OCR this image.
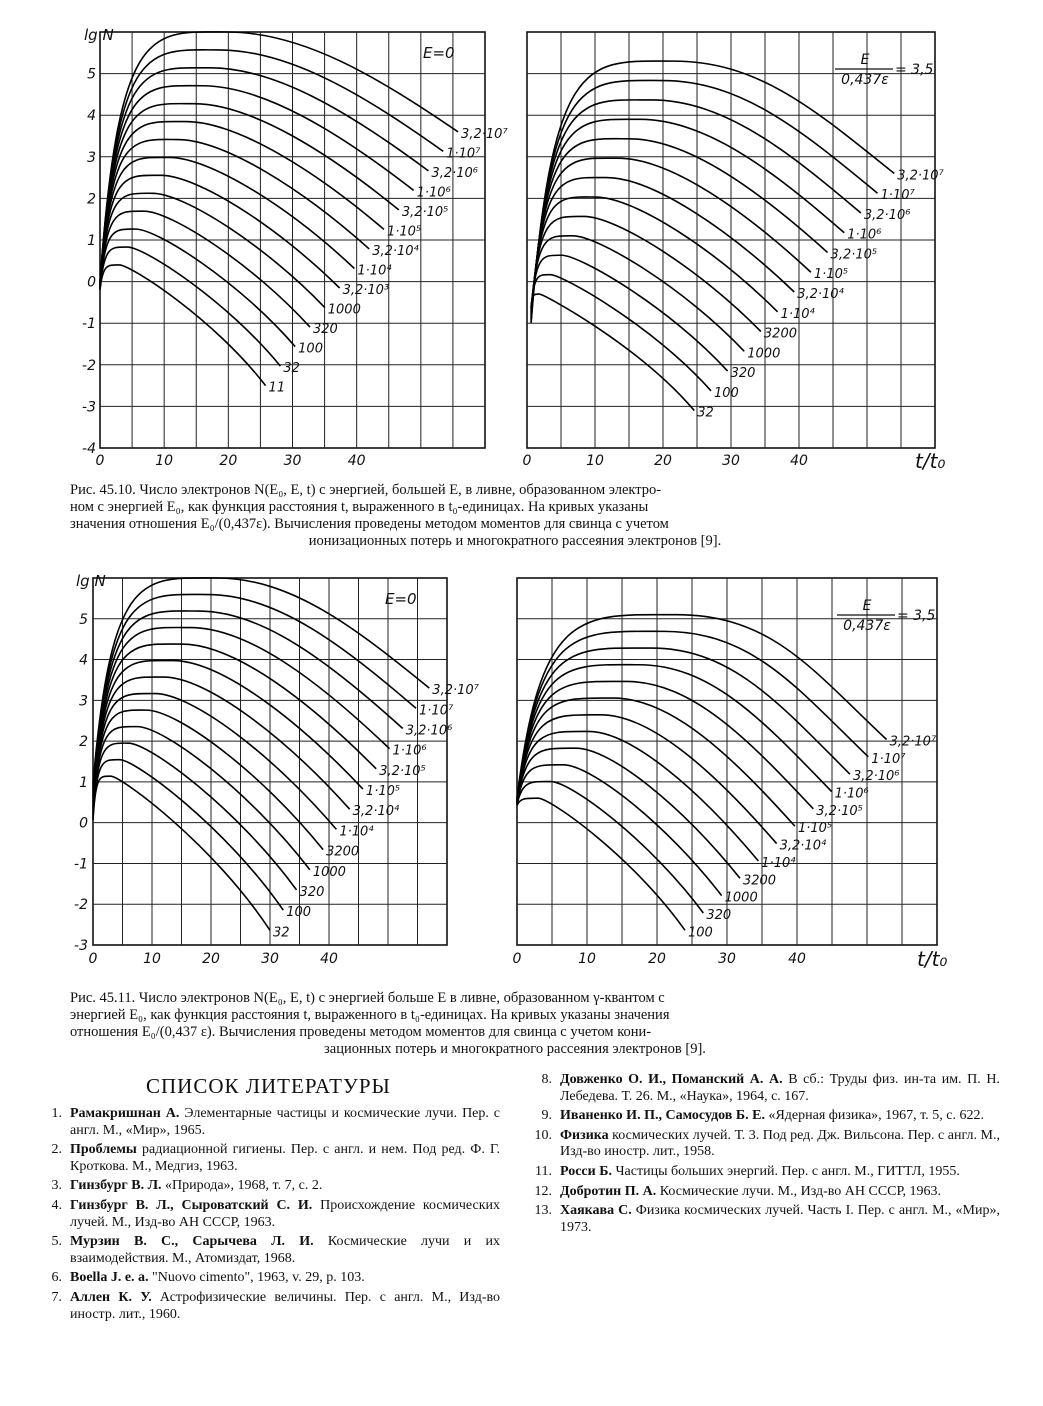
3,2·10⁷
1·10⁷
3,2·10⁶
1·10⁶
3,2·10⁵
1·10⁵
3,2·10⁴
1·10⁴
3,2·10³
1000
320
100
32
11
3,2·10⁷
1·10⁷
3,2·10⁶
1·10⁶
3,2·10⁵
1·10⁵
3,2·10⁴
1·10⁴
3200
1000
320
100
32
lg N
5
4
3
2
1
0
-1
-2
-3
-4
0	10	20	30	40	0	10	20	30	40	t/t₀
E=0	E
0,437ε
= 3,5
Рис. 45.10. Число электронов N(E₀, E, t) с энергией, большей E, в ливне, образованном электро-
ном с энергией E₀, как функция расстояния t, выраженного в t₀-единицах. На кривых указаны
значения отношения E₀/(0,437ε). Вычисления проведены методом моментов для свинца с учетом
ионизационных потерь и многократного рассеяния электронов [9].
3,2·10⁷
1·10⁷
3,2·10⁶
1·10⁶
3,2·10⁵
1·10⁵
3,2·10⁴
1·10⁴
3200
1000
320
100
32
3,2·10⁷
1·10⁷
3,2·10⁶
1·10⁶
3,2·10⁵
1·10⁵
3,2·10⁴
1·10⁴
3200
1000
320
100
lg N
5
4
3
2
1
0
-1
-2
-3
0	10	20	30	40	0	10	20	30	40	t/t₀
E=0	E
0,437ε
= 3,5
Рис. 45.11. Число электронов N(E₀, E, t) с энергией больше E в ливне, образованном γ-квантом с
энергией E₀, как функция расстояния t, выраженного в t₀-единицах. На кривых указаны значения
отношения E₀/(0,437 ε). Вычисления проведены методом моментов для свинца с учетом кони-
зационных потерь и многократного рассеяния электронов [9].
СПИСОК ЛИТЕРАТУРЫ
1. Рамакришнан А. Элементарные частицы и космические лучи. Пер. с англ. М., «Мир», 1965.
2. Проблемы радиационной гигиены. Пер. с англ. и нем. Под ред. Ф. Г. Кроткова. М., Медгиз, 1963.
3. Гинзбург В. Л. «Природа», 1968, т. 7, с. 2.
4. Гинзбург В. Л., Сыроватский С. И. Происхождение космических лучей. М., Изд-во АН СССР, 1963.
5. Мурзин В. С., Сарычева Л. И. Космические лучи и их взаимодействия. М., Атомиздат, 1968.
6. Boella J. e. a. "Nuovo cimento", 1963, v. 29, p. 103.
7. Аллен К. У. Астрофизические величины. Пер. с англ. М., Изд-во иностр. лит., 1960.
8. Довженко О. И., Поманский А. А. В сб.: Труды физ. ин-та им. П. Н. Лебедева. Т. 26. М., «Наука», 1964, с. 167.
9. Иваненко И. П., Самосудов Б. Е. «Ядерная физика», 1967, т. 5, с. 622.
10. Физика космических лучей. Т. 3. Под ред. Дж. Вильсона. Пер. с англ. М., Изд-во иностр. лит., 1958.
11. Росси Б. Частицы больших энергий. Пер. с англ. М., ГИТТЛ, 1955.
12. Добротин П. А. Космические лучи. М., Изд-во АН СССР, 1963.
13. Хаякава С. Физика космических лучей. Часть I. Пер. с англ. М., «Мир», 1973.
